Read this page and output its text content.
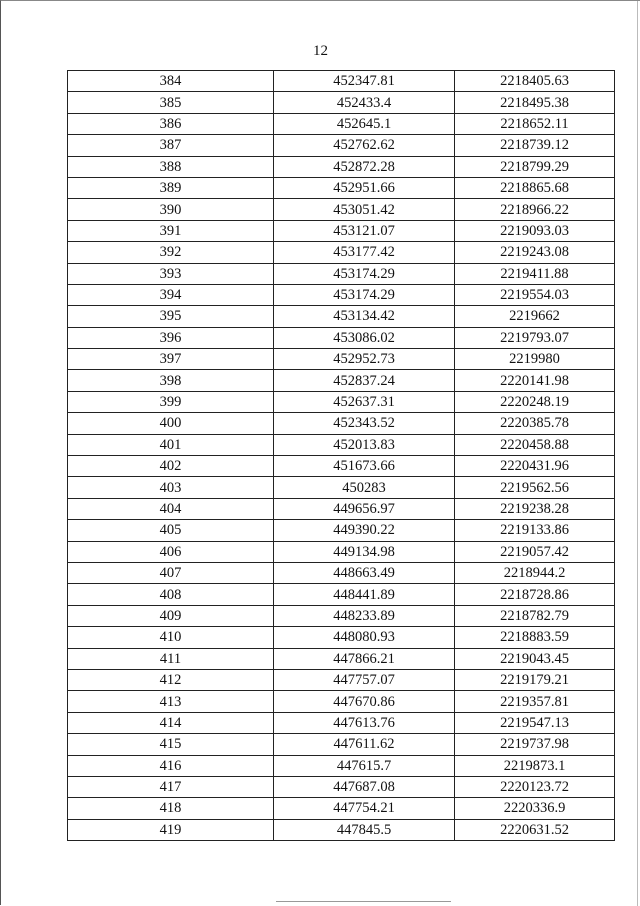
12
384	452347.81	2218405.63
385	452433.4	2218495.38
386	452645.1	2218652.11
387	452762.62	2218739.12
388	452872.28	2218799.29
389	452951.66	2218865.68
390	453051.42	2218966.22
391	453121.07	2219093.03
392	453177.42	2219243.08
393	453174.29	2219411.88
394	453174.29	2219554.03
395	453134.42	2219662
396	453086.02	2219793.07
397	452952.73	2219980
398	452837.24	2220141.98
399	452637.31	2220248.19
400	452343.52	2220385.78
401	452013.83	2220458.88
402	451673.66	2220431.96
403	450283	2219562.56
404	449656.97	2219238.28
405	449390.22	2219133.86
406	449134.98	2219057.42
407	448663.49	2218944.2
408	448441.89	2218728.86
409	448233.89	2218782.79
410	448080.93	2218883.59
411	447866.21	2219043.45
412	447757.07	2219179.21
413	447670.86	2219357.81
414	447613.76	2219547.13
415	447611.62	2219737.98
416	447615.7	2219873.1
417	447687.08	2220123.72
418	447754.21	2220336.9
419	447845.5	2220631.52
